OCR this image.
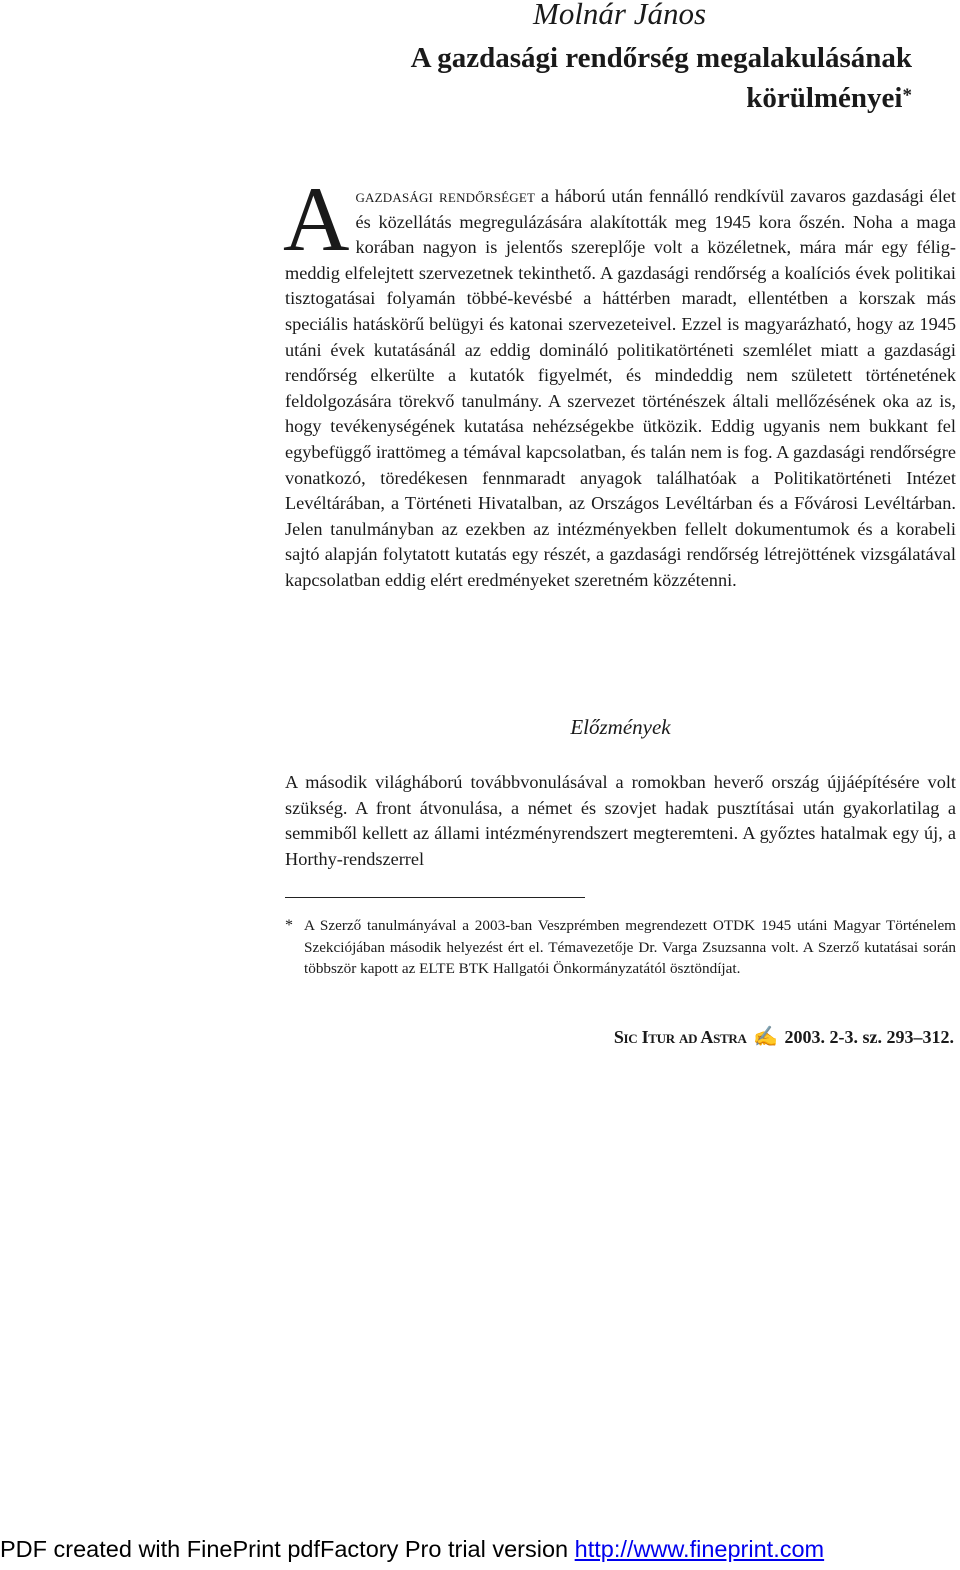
Molnár János
A gazdasági rendőrség megalakulásának
körülményei*
Agazdasági rendőrséget a háború után fennálló rendkívül zavaros gazdasági élet és közellátás megregulázására alakították meg 1945 kora őszén. Noha a maga korában nagyon is jelentős szereplője volt a közéletnek, mára már egy félig-meddig elfelejtett szervezetnek tekinthető. A gazdasági rendőrség a koalíciós évek politikai tisztogatásai folyamán többé-kevésbé a háttérben maradt, ellentétben a korszak más speciális hatáskörű belügyi és katonai szervezeteivel. Ezzel is magyarázható, hogy az 1945 utáni évek kutatásánál az eddig domináló politikatörténeti szemlélet miatt a gazdasági rendőrség elkerülte a kutatók figyelmét, és mindeddig nem született történetének feldolgozására törekvő tanulmány. A szervezet történészek általi mellőzésének oka az is, hogy tevékenységének kutatása nehézségekbe ütközik. Eddig ugyanis nem bukkant fel egybefüggő irattömeg a témával kapcsolatban, és talán nem is fog. A gazdasági rendőrségre vonatkozó, töredékesen fennmaradt anyagok találhatóak a Politikatörténeti Intézet Levéltárában, a Történeti Hivatalban, az Országos Levéltárban és a Fővárosi Levéltárban. Jelen tanulmányban az ezekben az intézményekben fellelt dokumentumok és a korabeli sajtó alapján folytatott kutatás egy részét, a gazdasági rendőrség létrejöttének vizsgálatával kapcsolatban eddig elért eredményeket szeretném közzétenni.
Előzmények
A második világháború továbbvonulásával a romokban heverő ország újjáépítésére volt szükség. A front átvonulása, a német és szovjet hadak pusztításai után gyakorlatilag a semmiből kellett az állami intézményrendszert megteremteni. A győztes hatalmak egy új, a Horthy-rendszerrel
* A Szerző tanulmányával a 2003-ban Veszprémben megrendezett OTDK 1945 utáni Magyar Történelem Szekciójában második helyezést ért el. Témavezetője Dr. Varga Zsuzsanna volt. A Szerző kutatásai során többször kapott az ELTE BTK Hallgatói Önkormányzatától ösztöndíjat.
Sic Itur ad Astra ✍ 2003. 2-3. sz. 293–312.
PDF created with FinePrint pdfFactory Pro trial version http://www.fineprint.com
